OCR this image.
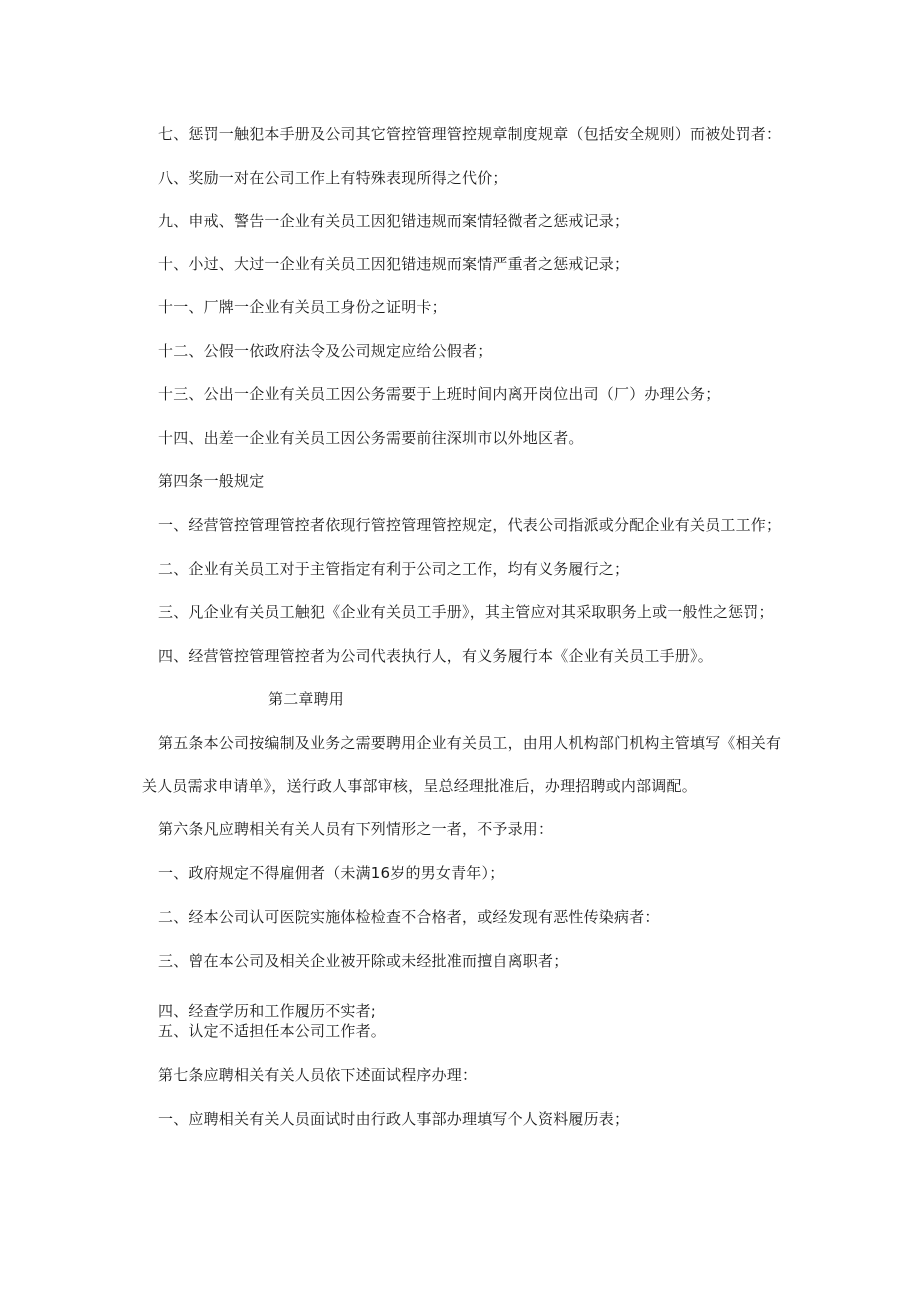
七、惩罚一触犯本手册及公司其它管控管理管控规章制度规章（包括安全规则）而被处罚者：
八、奖励一对在公司工作上有特殊表现所得之代价；
九、申戒、警告一企业有关员工因犯错违规而案情轻微者之惩戒记录；
十、小过、大过一企业有关员工因犯错违规而案情严重者之惩戒记录；
十一、厂牌一企业有关员工身份之证明卡；
十二、公假一依政府法令及公司规定应给公假者；
十三、公出一企业有关员工因公务需要于上班时间内离开岗位出司（厂）办理公务；
十四、出差一企业有关员工因公务需要前往深圳市以外地区者。
第四条一般规定
一、经营管控管理管控者依现行管控管理管控规定，代表公司指派或分配企业有关员工工作；
二、企业有关员工对于主管指定有利于公司之工作，均有义务履行之；
三、凡企业有关员工触犯《企业有关员工手册》，其主管应对其采取职务上或一般性之惩罚；
四、经营管控管理管控者为公司代表执行人，有义务履行本《企业有关员工手册》。
第二章聘用
第五条本公司按编制及业务之需要聘用企业有关员工，由用人机构部门机构主管填写《相关有
关人员需求申请单》，送行政人事部审核，呈总经理批准后，办理招聘或内部调配。
第六条凡应聘相关有关人员有下列情形之一者，不予录用：
一、政府规定不得雇佣者（未满16岁的男女青年）；
二、经本公司认可医院实施体检检查不合格者，或经发现有恶性传染病者：
三、曾在本公司及相关企业被开除或未经批准而擅自离职者；
四、经查学历和工作履历不实者;
五、认定不适担任本公司工作者。
第七条应聘相关有关人员依下述面试程序办理：
一、应聘相关有关人员面试时由行政人事部办理填写个人资料履历表；
